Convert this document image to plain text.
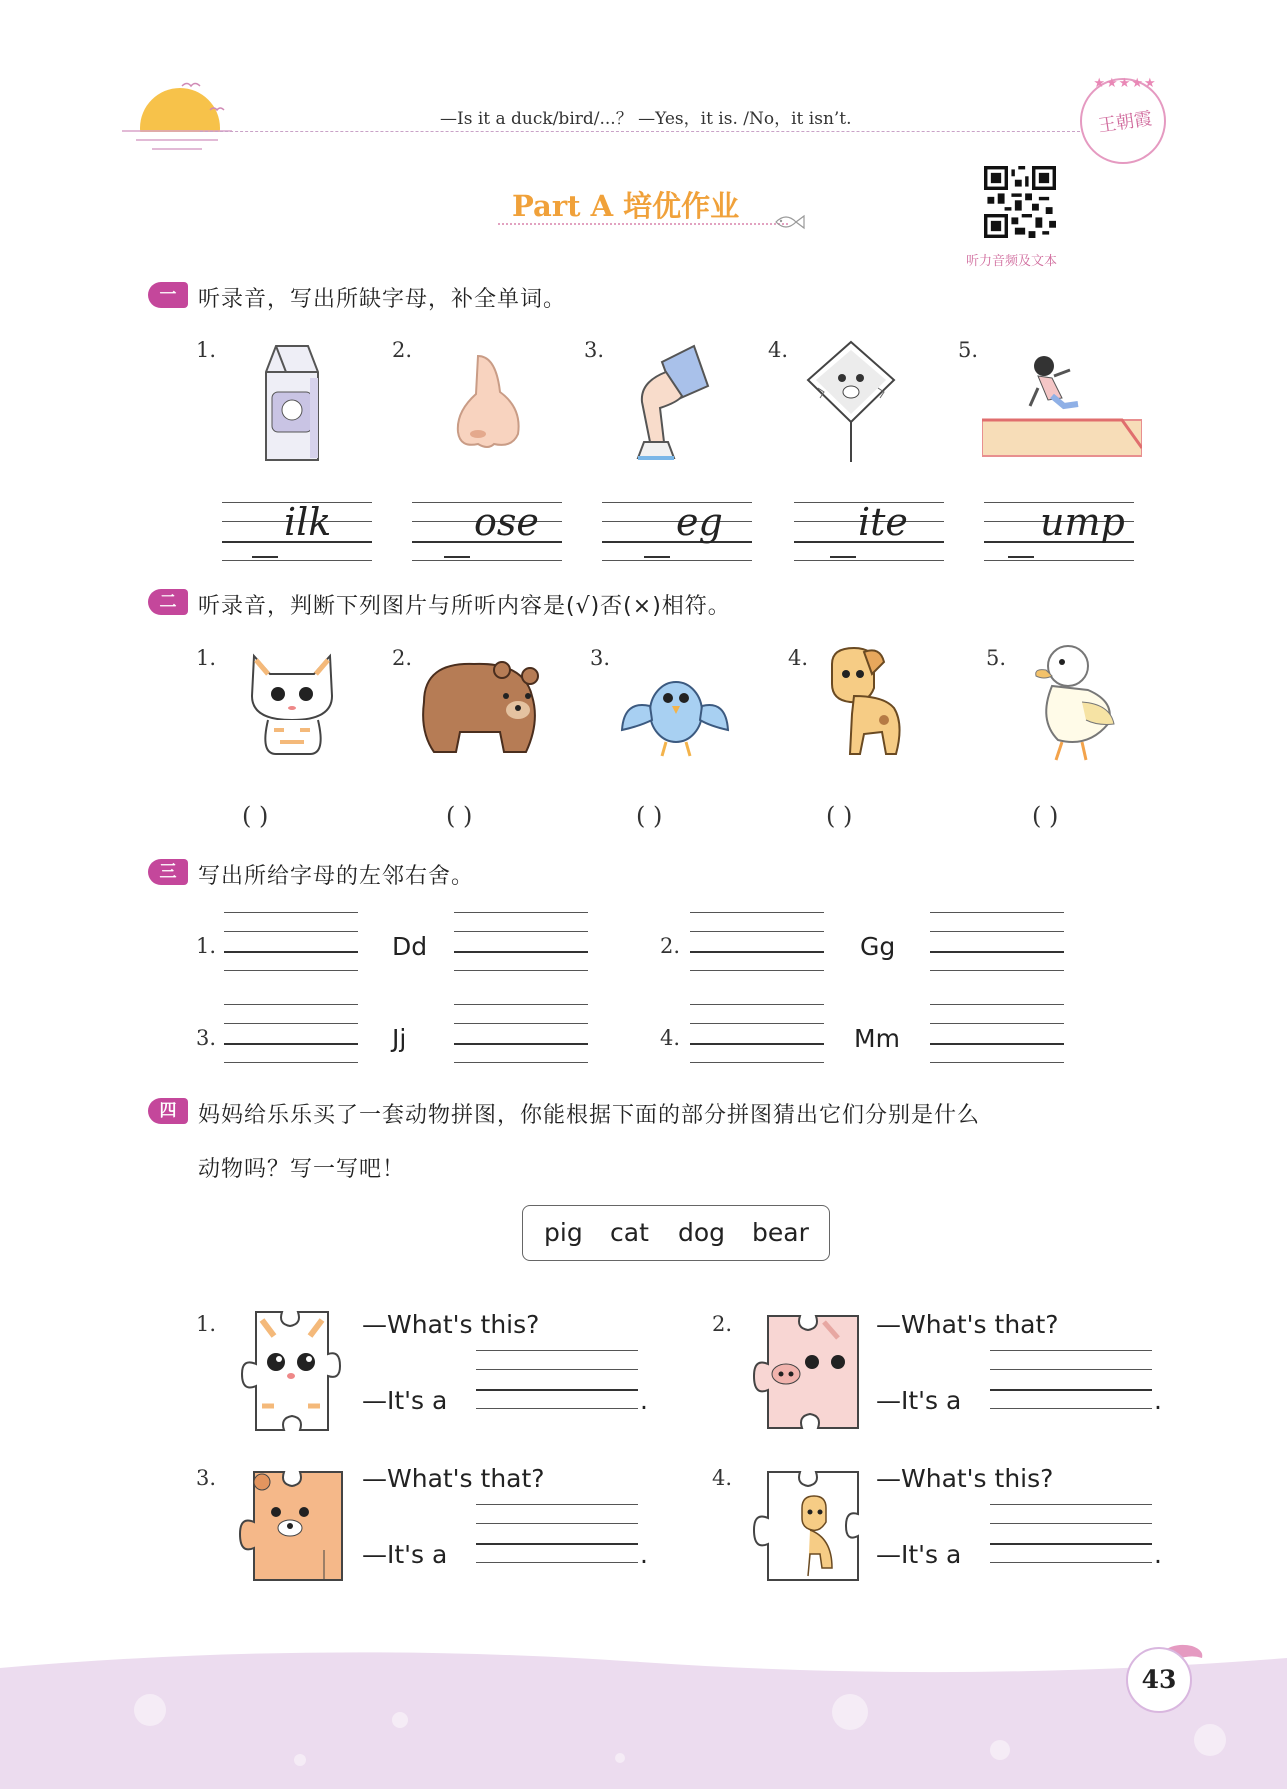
—Is it a duck/bird/...？ —Yes，it is. /No，it isn’t.
★★★★★
王朝霞
Part A 培优作业
听力音频及文本
一 听录音，写出所缺字母，补全单词。
1.	2.	3.	4.	5.
ilk	ose	eg	ite	ump
二 听录音，判断下列图片与所听内容是(√)否(×)相符。
1.	2.	3.	4.	5.
( )	( )	( )	( )	( )
三 写出所给字母的左邻右舍。
1.	Dd	2.	Gg
3.	Jj	4.	Mm
四 妈妈给乐乐买了一套动物拼图，你能根据下面的部分拼图猜出它们分别是什么
动物吗？写一写吧！
pig cat dog bear
1.	—What's this?
—It's a	.
2.	—What's that?
—It's a	.
3.	—What's that?
—It's a	.
4.	—What's this?
—It's a	.
43
